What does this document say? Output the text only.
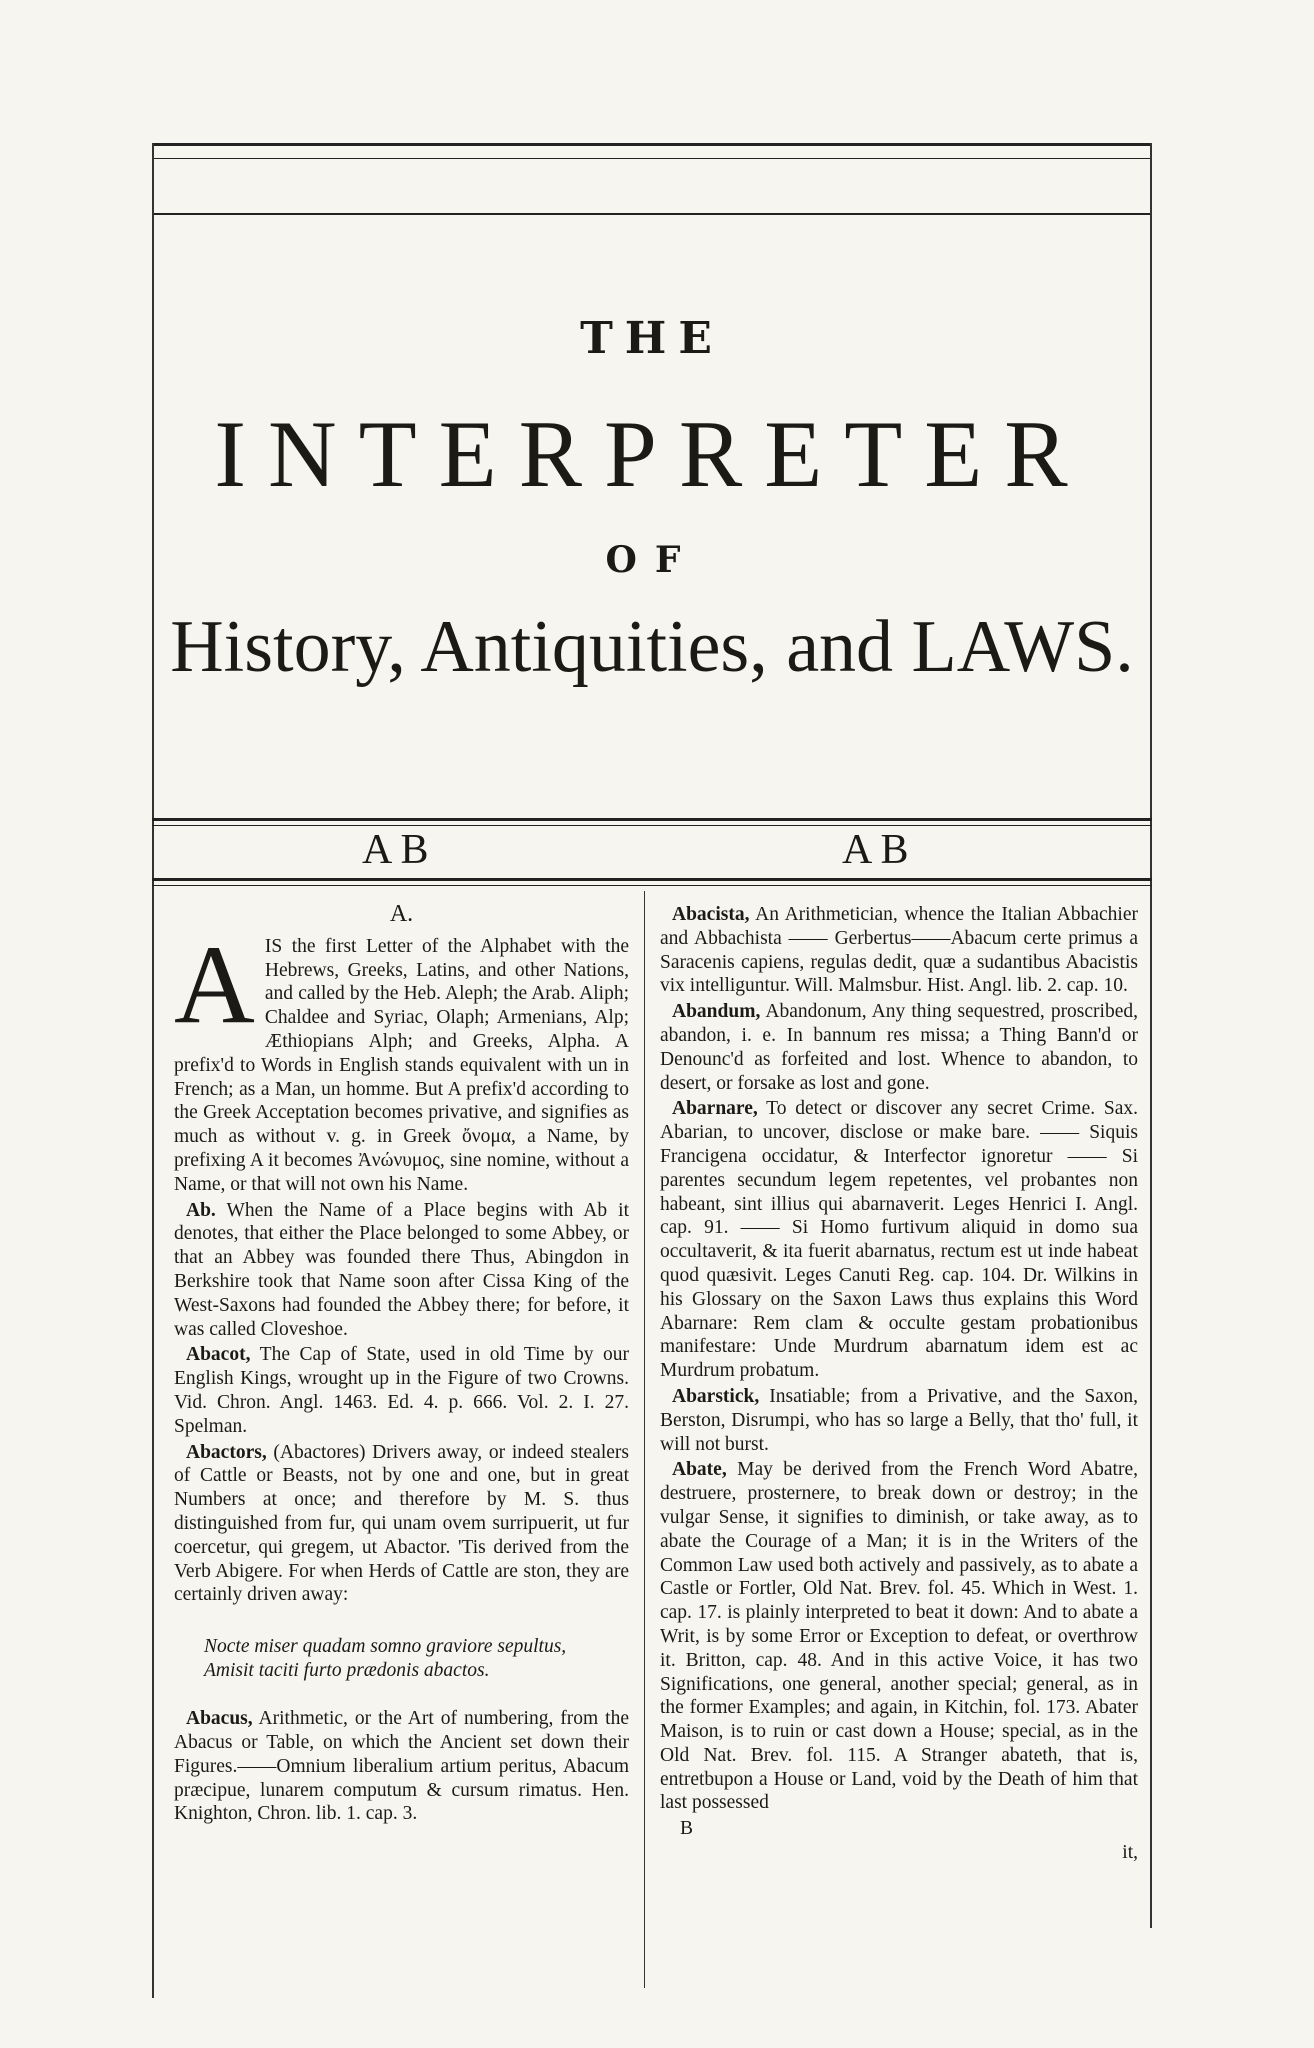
THE
INTERPRETER
OF
History, Antiquities, and LAWS.
A B	A B
A.
A IS the first Letter of the Alphabet with the Hebrews, Greeks, Latins, and other Nations, and called by the Heb. Aleph; the Arab. Aliph; Chaldee and Syriac, Olaph; Armenians, Alp; Æthiopians Alph; and Greeks, Alpha. A prefix'd to Words in English stands equivalent with un in French; as a Man, un homme. But A prefix'd according to the Greek Acceptation becomes privative, and signifies as much as without v. g. in Greek ὄνομα, a Name, by prefixing A it becomes Ἀνώνυμος, sine nomine, without a Name, or that will not own his Name.

Ab. When the Name of a Place begins with Ab it denotes, that either the Place belonged to some Abbey, or that an Abbey was founded there Thus, Abingdon in Berkshire took that Name soon after Cissa King of the West-Saxons had founded the Abbey there; for before, it was called Cloveshoe.

Abacot, The Cap of State, used in old Time by our English Kings, wrought up in the Figure of two Crowns. Vid. Chron. Angl. 1463. Ed. 4. p. 666. Vol. 2. I. 27. Spelman.

Abactors, (Abactores) Drivers away, or indeed stealers of Cattle or Beasts, not by one and one, but in great Numbers at once; and therefore by M. S. thus distinguished from fur, qui unam ovem surripuerit, ut fur coercetur, qui gregem, ut Abactor. 'Tis derived from the Verb Abigere. For when Herds of Cattle are ston, they are certainly driven away:

Nocte miser quadam somno graviore sepultus,
Amisit taciti furto prædonis abactos.

Abacus, Arithmetic, or the Art of numbering, from the Abacus or Table, on which the Ancient set down their Figures.——Omnium liberalium artium peritus, Abacum præcipue, lunarem computum & cursum rimatus. Hen. Knighton, Chron. lib. 1. cap. 3.

Abacista, An Arithmetician, whence the Italian Abbachier and Abbachista —— Gerbertus——Abacum certe primus a Saracenis capiens, regulas dedit, quæ a sudantibus Abacistis vix intelliguntur. Will. Malmsbur. Hist. Angl. lib. 2. cap. 10.

Abandum, Abandonum, Any thing sequestred, proscribed, abandon, i. e. In bannum res missa; a Thing Bann'd or Denounc'd as forfeited and lost. Whence to abandon, to desert, or forsake as lost and gone.

Abarnare, To detect or discover any secret Crime. Sax. Abarian, to uncover, disclose or make bare. —— Siquis Francigena occidatur, & Interfector ignoretur —— Si parentes secundum legem repetentes, vel probantes non habeant, sint illius qui abarnaverit. Leges Henrici I. Angl. cap. 91. —— Si Homo furtivum aliquid in domo sua occultaverit, & ita fuerit abarnatus, rectum est ut inde habeat quod quæsivit. Leges Canuti Reg. cap. 104. Dr. Wilkins in his Glossary on the Saxon Laws thus explains this Word Abarnare: Rem clam & occulte gestam probationibus manifestare: Unde Murdrum abarnatum idem est ac Murdrum probatum.

Abarstick, Insatiable; from a Privative, and the Saxon, Berston, Disrumpi, who has so large a Belly, that tho' full, it will not burst.

Abate, May be derived from the French Word Abatre, destruere, prosternere, to break down or destroy; in the vulgar Sense, it signifies to diminish, or take away, as to abate the Courage of a Man; it is in the Writers of the Common Law used both actively and passively, as to abate a Castle or Fortler, Old Nat. Brev. fol. 45. Which in West. 1. cap. 17. is plainly interpreted to beat it down: And to abate a Writ, is by some Error or Exception to defeat, or overthrow it. Britton, cap. 48. And in this active Voice, it has two Significations, one general, another special; general, as in the former Examples; and again, in Kitchin, fol. 173. Abater Maison, is to ruin or cast down a House; special, as in the Old Nat. Brev. fol. 115. A Stranger abateth, that is, entretbupon a House or Land, void by the Death of him that last possessed

B
it,
